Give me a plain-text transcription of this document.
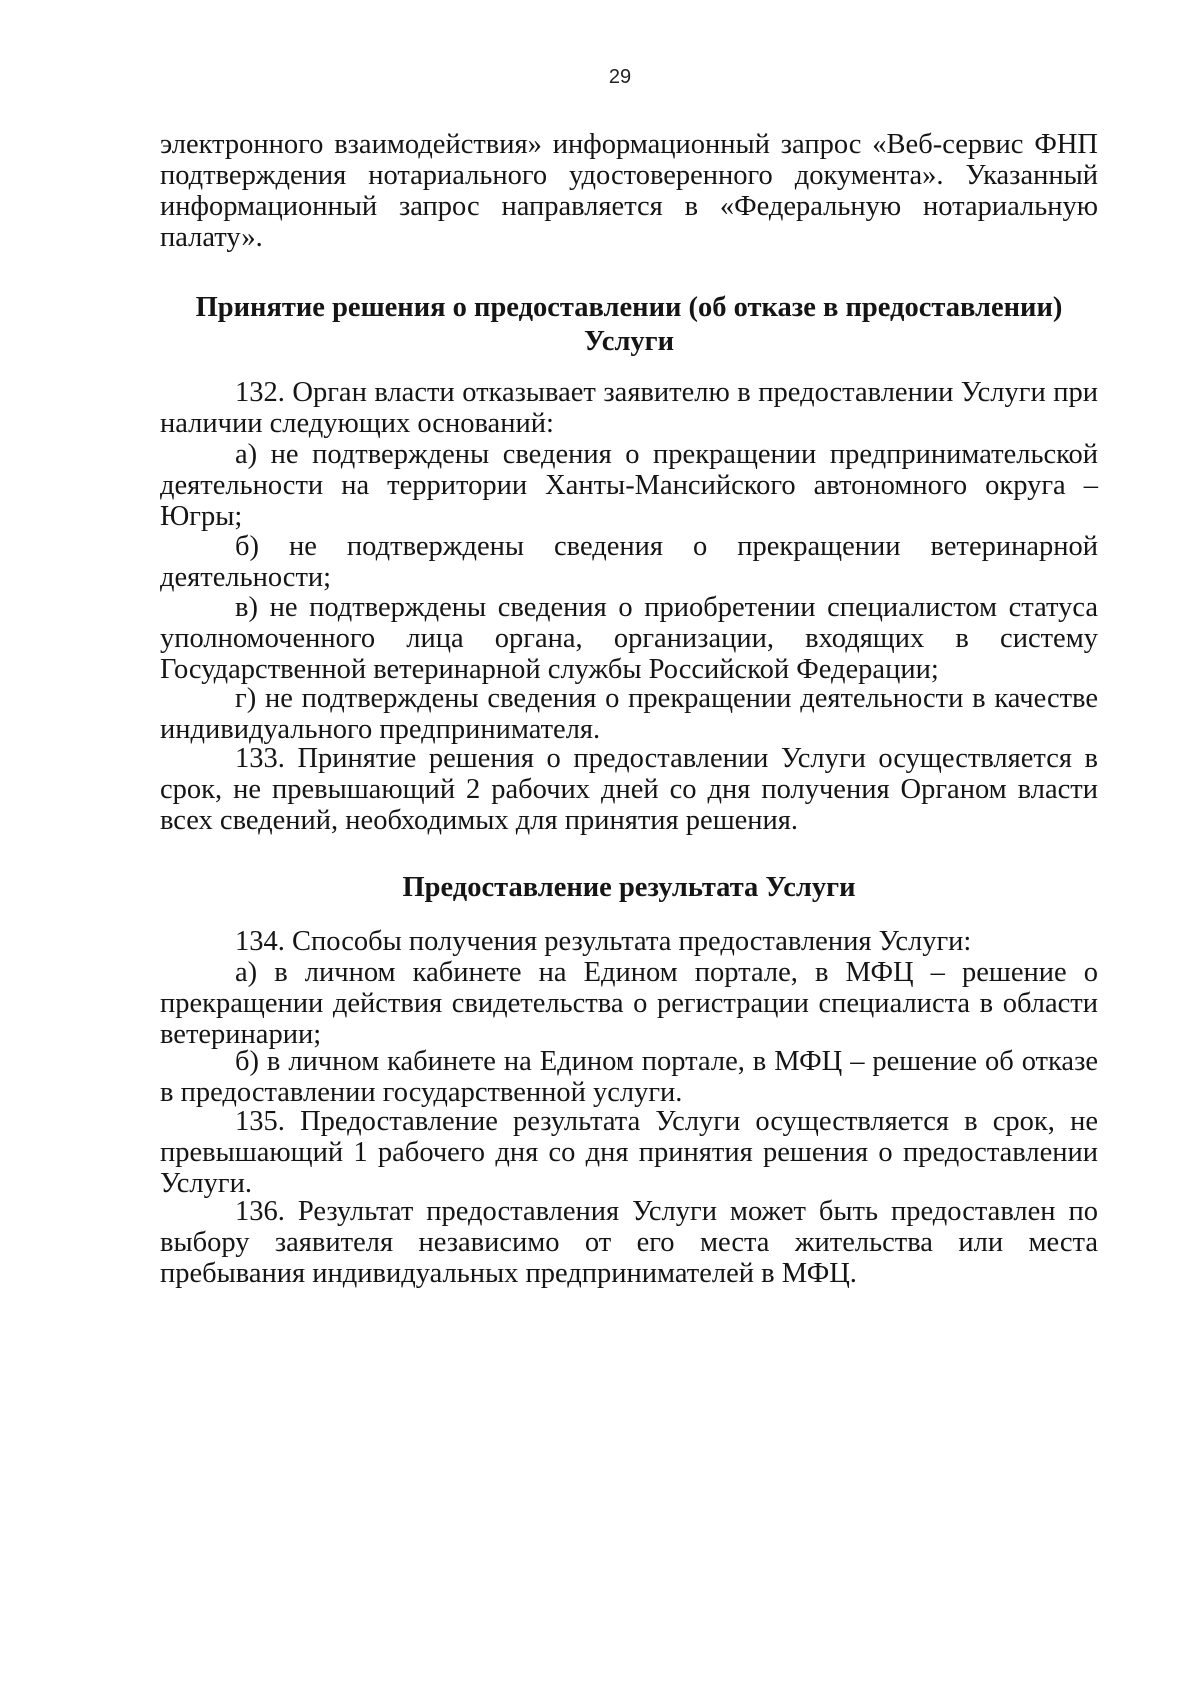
29

электронного взаимодействия» информационный запрос «Веб-сервис ФНП подтверждения нотариального удостоверенного документа». Указанный информационный запрос направляется в «Федеральную нотариальную палату».

Принятие решения о предоставлении (об отказе в предоставлении) Услуги

132. Орган власти отказывает заявителю в предоставлении Услуги при наличии следующих оснований:

а) не подтверждены сведения о прекращении предпринимательской деятельности на территории Ханты-Мансийского автономного округа – Югры;

б) не подтверждены сведения о прекращении ветеринарной деятельности;

в) не подтверждены сведения о приобретении специалистом статуса уполномоченного лица органа, организации, входящих в систему Государственной ветеринарной службы Российской Федерации;

г) не подтверждены сведения о прекращении деятельности в качестве индивидуального предпринимателя.

133. Принятие решения о предоставлении Услуги осуществляется в срок, не превышающий 2 рабочих дней со дня получения Органом власти всех сведений, необходимых для принятия решения.

Предоставление результата Услуги

134. Способы получения результата предоставления Услуги:

а) в личном кабинете на Едином портале, в МФЦ – решение о прекращении действия свидетельства о регистрации специалиста в области ветеринарии;

б) в личном кабинете на Едином портале, в МФЦ – решение об отказе в предоставлении государственной услуги.

135. Предоставление результата Услуги осуществляется в срок, не превышающий 1 рабочего дня со дня принятия решения о предоставлении Услуги.

136. Результат предоставления Услуги может быть предоставлен по выбору заявителя независимо от его места жительства или места пребывания индивидуальных предпринимателей в МФЦ.
